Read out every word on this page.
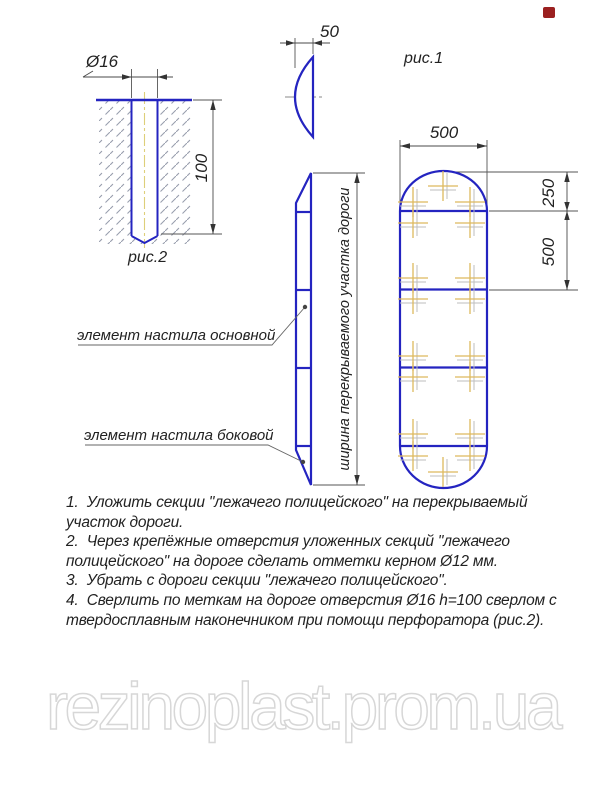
rezinoplast.prom.ua
Ø16
100
рис.2
50
рис.1
500
250
500
ширина перекрываемого участка дороги
элемент настила основной
элемент настила боковой
1.  Уложить секции "лежачего полицейского" на перекрываемый
участок дороги.
2.  Через крепёжные отверстия уложенных секций "лежачего
полицейского" на дороге сделать отметки керном Ø12 мм.
3.  Убрать с дороги секции "лежачего полицейского".
4.  Сверлить по меткам на дороге отверстия Ø16 h=100 сверлом с
твердосплавным наконечником при помощи перфоратора (рис.2).
